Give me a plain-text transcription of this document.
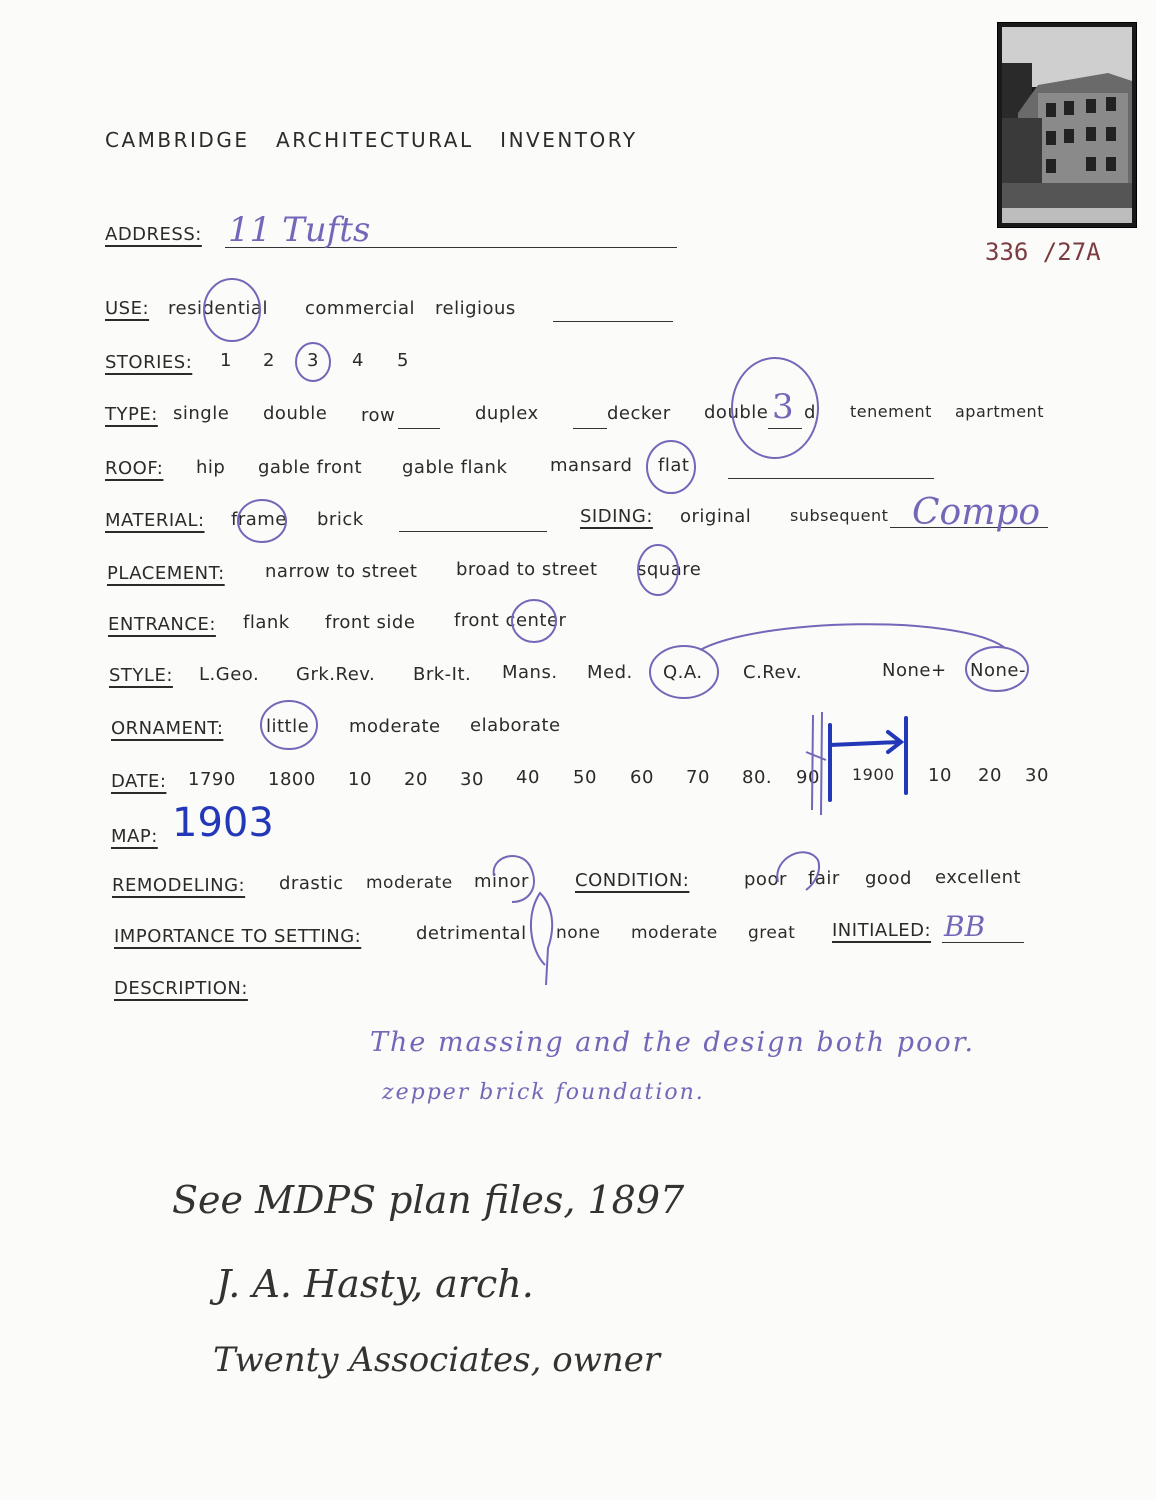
CAMBRIDGE   ARCHITECTURAL   INVENTORY
336 /27A
ADDRESS: 11 Tufts
USE: residential commercial religious
STORIES: 1 2 3 4 5
TYPE: single double row	duplex	decker double 3 d tenement apartment
ROOF: hip gable front gable flank mansard flat
MATERIAL: frame brick	SIDING: original subsequent Compo
PLACEMENT: narrow to street broad to street square
ENTRANCE: flank front side front center
STYLE: L.Geo. Grk.Rev. Brk-It. Mans. Med. Q.A. C.Rev.	None+ None-
ORNAMENT: little moderate elaborate
DATE: 1790 1800 10 20 30 40 50 60 70 80. 90 1900 10 20 30
MAP: 1903
REMODELING: drastic moderate minor	CONDITION:	poor fair good excellent
IMPORTANCE TO SETTING:	detrimental none moderate great INITIALED: BB
DESCRIPTION:
The massing and the design both poor.
zepper brick foundation.
See MDPS plan files, 1897
J. A. Hasty, arch.
Twenty Associates, owner
